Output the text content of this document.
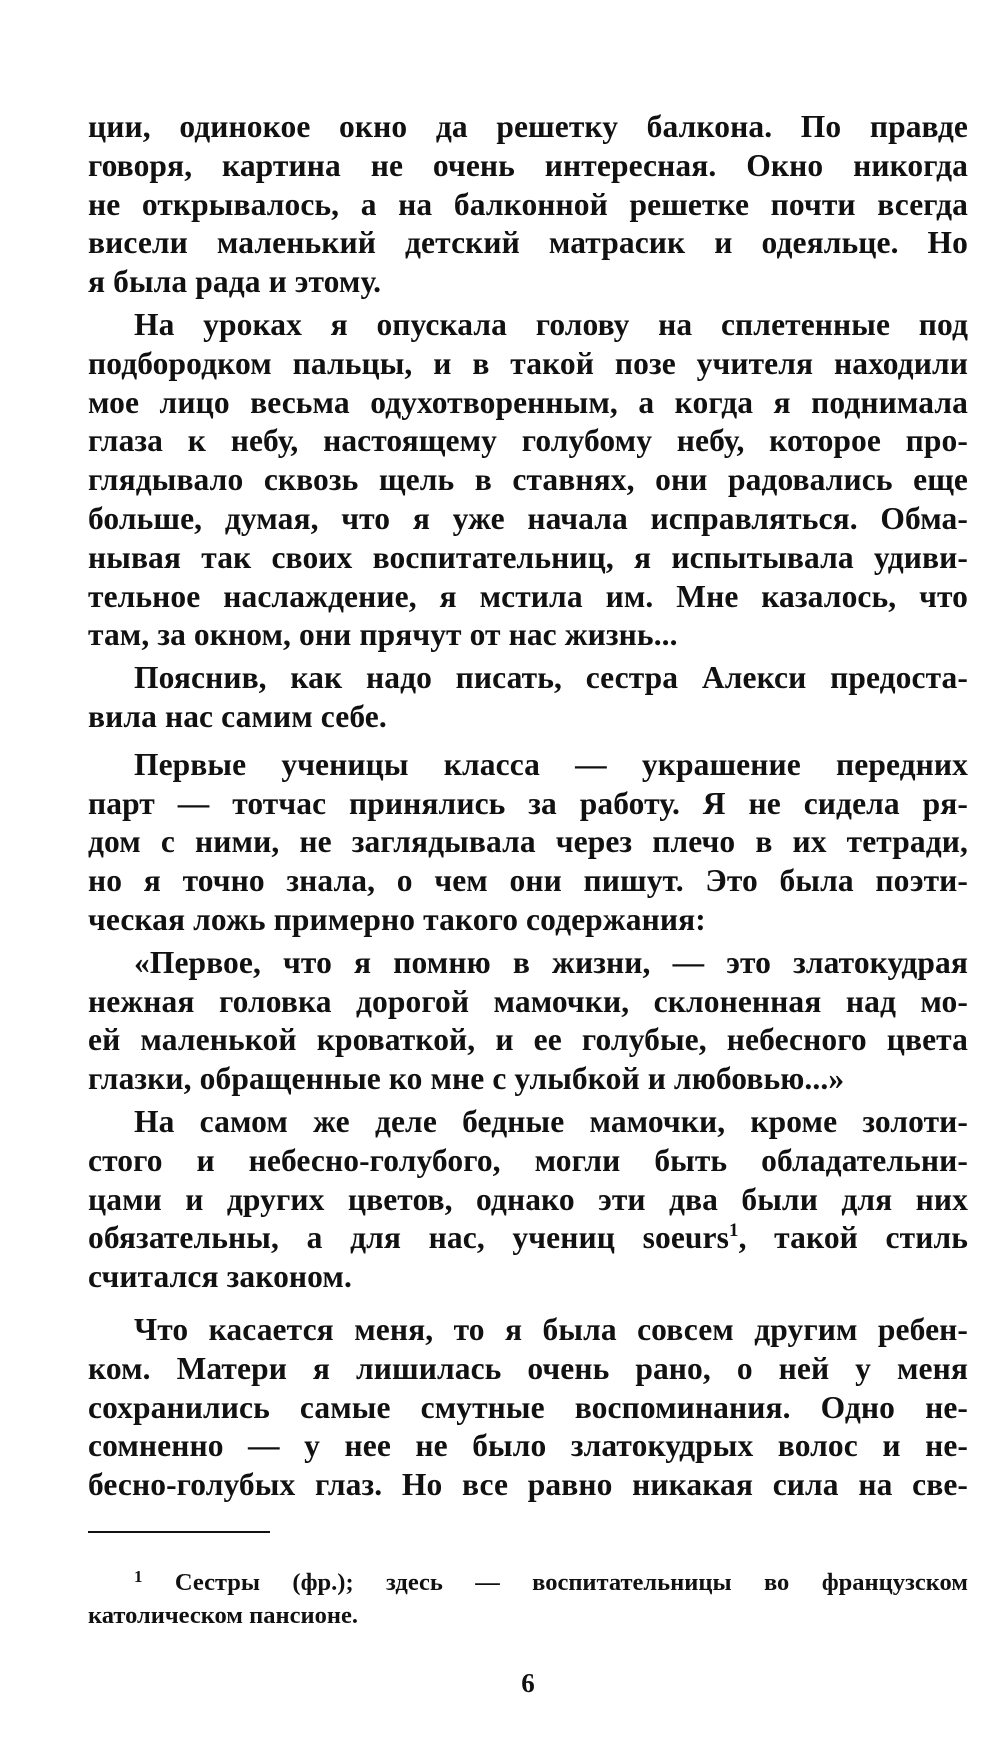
ции, одинокое окно да решетку балкона. По правде
говоря, картина не очень интересная. Окно никогда
не открывалось, а на балконной решетке почти всегда
висели маленький детский матрасик и одеяльце. Но
я была рада и этому.

На уроках я опускала голову на сплетенные под
подбородком пальцы, и в такой позе учителя находили
мое лицо весьма одухотворенным, а когда я поднимала
глаза к небу, настоящему голубому небу, которое про-
глядывало сквозь щель в ставнях, они радовались еще
больше, думая, что я уже начала исправляться. Обма-
нывая так своих воспитательниц, я испытывала удиви-
тельное наслаждение, я мстила им. Мне казалось, что
там, за окном, они прячут от нас жизнь...

Пояснив, как надо писать, сестра Алекси предоста-
вила нас самим себе.

Первые ученицы класса — украшение передних
парт — тотчас принялись за работу. Я не сидела ря-
дом с ними, не заглядывала через плечо в их тетради,
но я точно знала, о чем они пишут. Это была поэти-
ческая ложь примерно такого содержания:

«Первое, что я помню в жизни, — это златокудрая
нежная головка дорогой мамочки, склоненная над мо-
ей маленькой кроваткой, и ее голубые, небесного цвета
глазки, обращенные ко мне с улыбкой и любовью...»

На самом же деле бедные мамочки, кроме золоти-
стого и небесно-голубого, могли быть обладательни-
цами и других цветов, однако эти два были для них
обязательны, а для нас, учениц soeurs$^1$, такой стиль
считался законом.

Что касается меня, то я была совсем другим ребен-
ком. Матери я лишилась очень рано, о ней у меня
сохранились самые смутные воспоминания. Одно не-
сомненно — у нее не было златокудрых волос и не-
бесно-голубых глаз. Но все равно никакая сила на све-

$^1$ Сестры (фр.); здесь — воспитательницы во французском
католическом пансионе.
6
